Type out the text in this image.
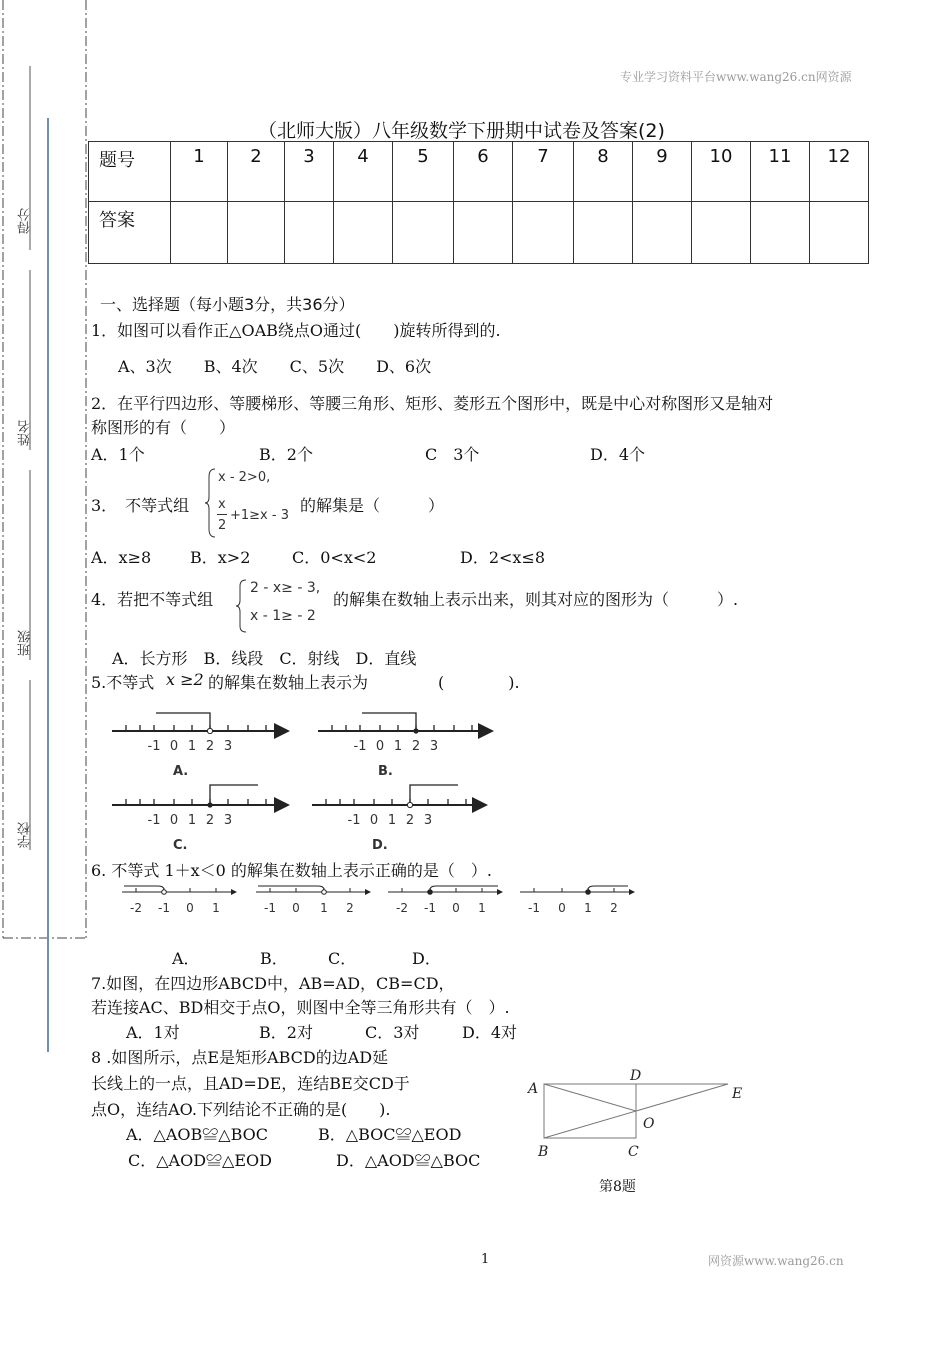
得分
姓名
班级
学校
专业学习资料平台www.wang26.cn网资源
（北师大版）八年级数学下册期中试卷及答案(2)
题号	1	2	3	4	5	6	7	8	9	10	11	12
答案												
一、选择题（每小题3分，共36分）
1．如图可以看作正△OAB绕点O通过(　　)旋转所得到的.
A、3次　　B、4次　　C、5次　　D、6次
2．在平行四边形、等腰梯形、等腰三角形、矩形、菱形五个图形中，既是中心对称图形又是轴对
称图形的有（　　）
A．1个	B．2个	C　3个	D．4个
3．　不等式组
x - 2>0,
x
2
+1≥x - 3
的解集是（　　　）
A．x≥8 B．x>2	C．0<x<2	D．2<x≤8
4．若把不等式组
2 - x≥ - 3,
x - 1≥ - 2
的解集在数轴上表示出来，则其对应的图形为（　　　）.
A．长方形　B．线段　C．射线　D．直线
5.不等式 x ≥2 的解集在数轴上表示为	(　　　　).
-1 0 1 2 3	-1 0 1 2 3
-1 0 1 2 3	-1 0 1 2 3
A.	B.
C.	D.
6. 不等式 1＋x＜0 的解集在数轴上表示正确的是（　）.
-2 -1 0 1	-1 0 1 2	-2 -1 0 1	-1 0 1 2
A．	B．	C．	D．
7.如图，在四边形ABCD中，AB=AD，CB=CD，
若连接AC、BD相交于点O，则图中全等三角形共有（　）.
A．1对	B．2对	C．3对	D．4对
8 .如图所示，点E是矩形ABCD的边AD延
长线上的一点，且AD=DE，连结BE交CD于
点O，连结AO.下列结论不正确的是(　　).
A．△AOB≌△BOC	B．△BOC≌△EOD
C．△AOD≌△EOD	D．△AOD≌△BOC
A
D
E
O
B	C
第8题
1	网资源www.wang26.cn
